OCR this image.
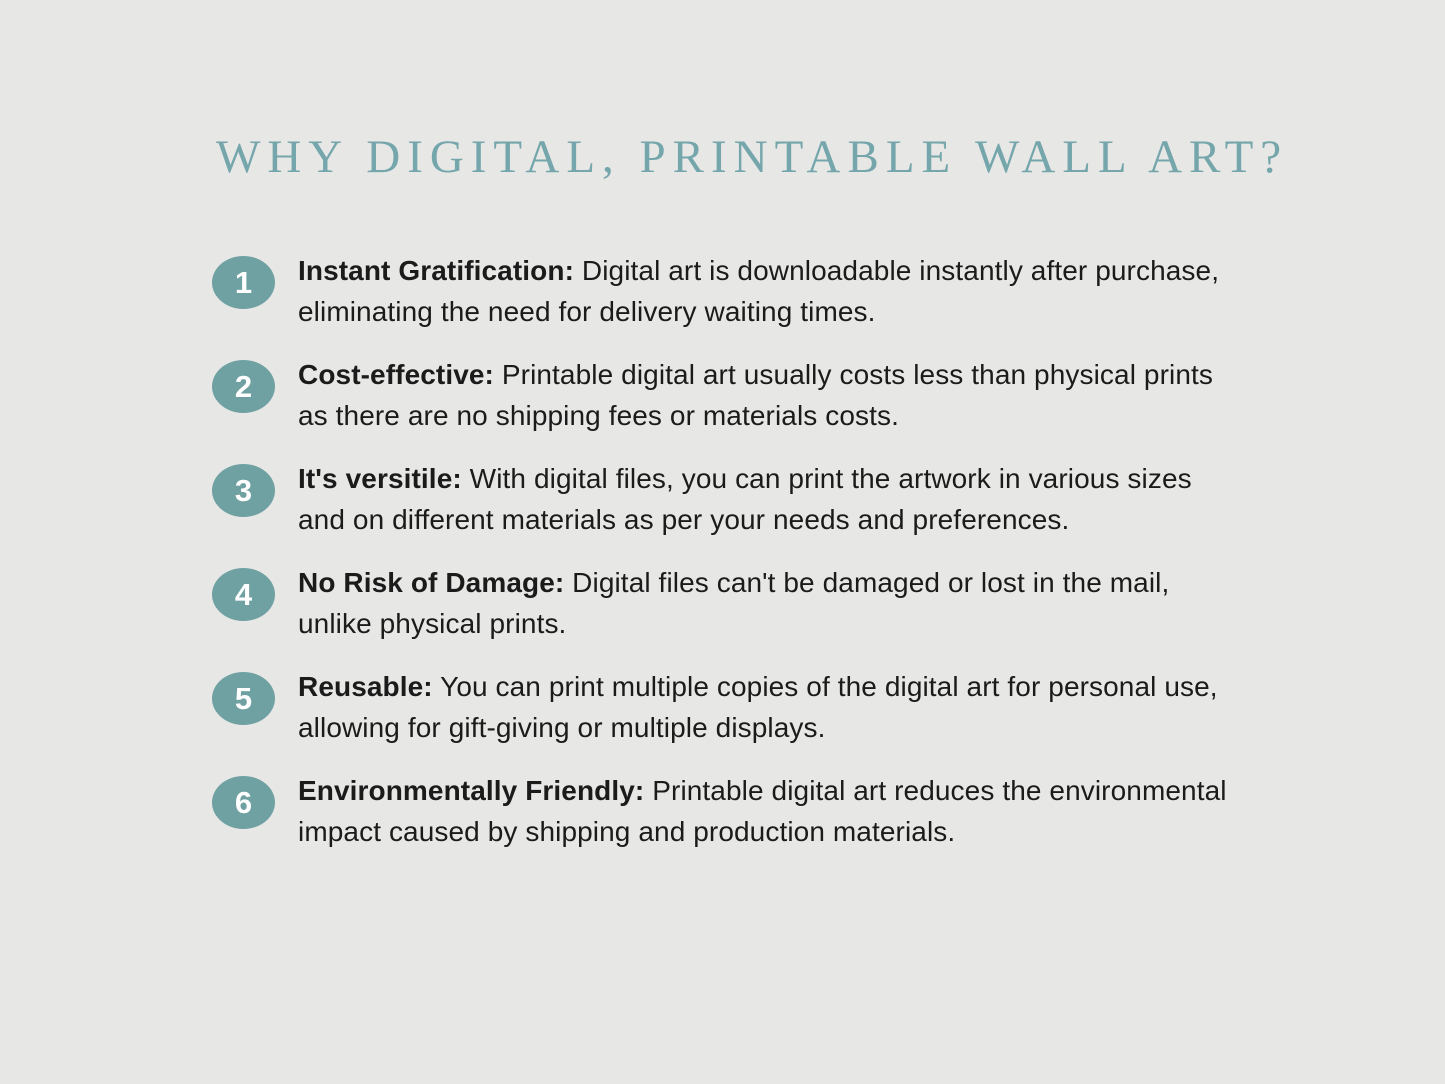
WHY DIGITAL, PRINTABLE WALL ART?
1 Instant Gratification: Digital art is downloadable instantly after purchase, eliminating the need for delivery waiting times.
2 Cost-effective: Printable digital art usually costs less than physical prints as there are no shipping fees or materials costs.
3 It's versitile: With digital files, you can print the artwork in various sizes and on different materials as per your needs and preferences.
4 No Risk of Damage: Digital files can't be damaged or lost in the mail, unlike physical prints.
5 Reusable: You can print multiple copies of the digital art for personal use, allowing for gift-giving or multiple displays.
6 Environmentally Friendly: Printable digital art reduces the environmental impact caused by shipping and production materials.
